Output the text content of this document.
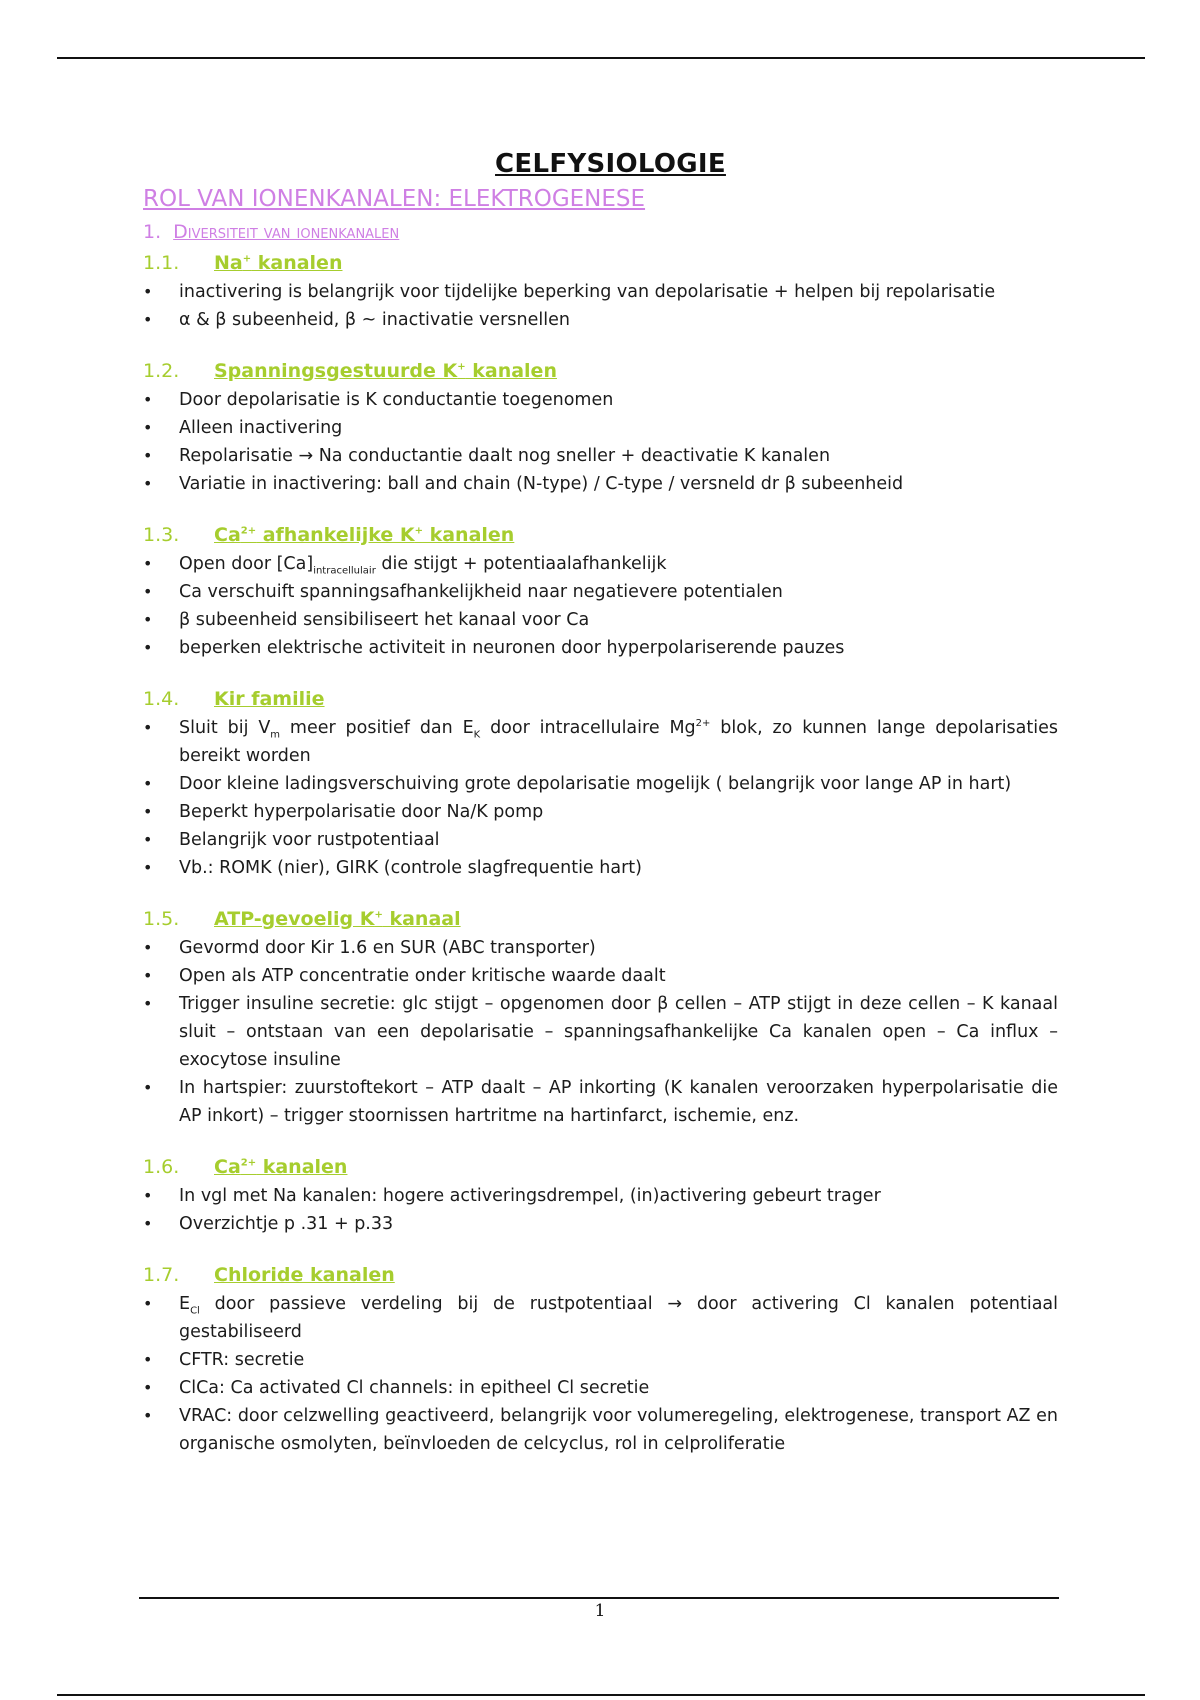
CELFYSIOLOGIE
ROL VAN IONENKANALEN: ELEKTROGENESE
1. Diversiteit van ionenkanalen
1.1. Na+ kanalen
• inactivering is belangrijk voor tijdelijke beperking van depolarisatie + helpen bij repolarisatie
• α & β subeenheid, β ~ inactivatie versnellen
1.2. Spanningsgestuurde K+ kanalen
• Door depolarisatie is K conductantie toegenomen
• Alleen inactivering
• Repolarisatie → Na conductantie daalt nog sneller + deactivatie K kanalen
• Variatie in inactivering: ball and chain (N-type) / C-type / versneld dr β subeenheid
1.3. $Ca^{2+}$ afhankelijke K+ kanalen
• Open door $[Ca]_{intracellulair}$ die stijgt + potentiaalafhankelijk
• Ca verschuift spanningsafhankelijkheid naar negatievere potentialen
• β subeenheid sensibiliseert het kanaal voor Ca
• beperken elektrische activiteit in neuronen door hyperpolariserende pauzes
1.4. Kir familie
• Sluit bij $V_m$ meer positief dan $E_K$ door intracellulaire $Mg^{2+}$ blok, zo kunnen lange depolarisaties bereikt worden
• Door kleine ladingsverschuiving grote depolarisatie mogelijk ( belangrijk voor lange AP in hart)
• Beperkt hyperpolarisatie door Na/K pomp
• Belangrijk voor rustpotentiaal
• Vb.: ROMK (nier), GIRK (controle slagfrequentie hart)
1.5. ATP-gevoelig K+ kanaal
• Gevormd door Kir 1.6 en SUR (ABC transporter)
• Open als ATP concentratie onder kritische waarde daalt
• Trigger insuline secretie: glc stijgt – opgenomen door β cellen – ATP stijgt in deze cellen – K kanaal sluit – ontstaan van een depolarisatie – spanningsafhankelijke Ca kanalen open – Ca influx – exocytose insuline
• In hartspier: zuurstoftekort – ATP daalt – AP inkorting (K kanalen veroorzaken hyperpolarisatie die AP inkort) – trigger stoornissen hartritme na hartinfarct, ischemie, enz.
1.6. $Ca^{2+}$ kanalen
• In vgl met Na kanalen: hogere activeringsdrempel, (in)activering gebeurt trager
• Overzichtje p .31 + p.33
1.7. Chloride kanalen
• $E_{Cl}$ door passieve verdeling bij de rustpotentiaal → door activering Cl kanalen potentiaal gestabiliseerd
• CFTR: secretie
• ClCa: Ca activated Cl channels: in epitheel Cl secretie
• VRAC: door celzwelling geactiveerd, belangrijk voor volumeregeling, elektrogenese, transport AZ en organische osmolyten, beïnvloeden de celcyclus, rol in celproliferatie
1
